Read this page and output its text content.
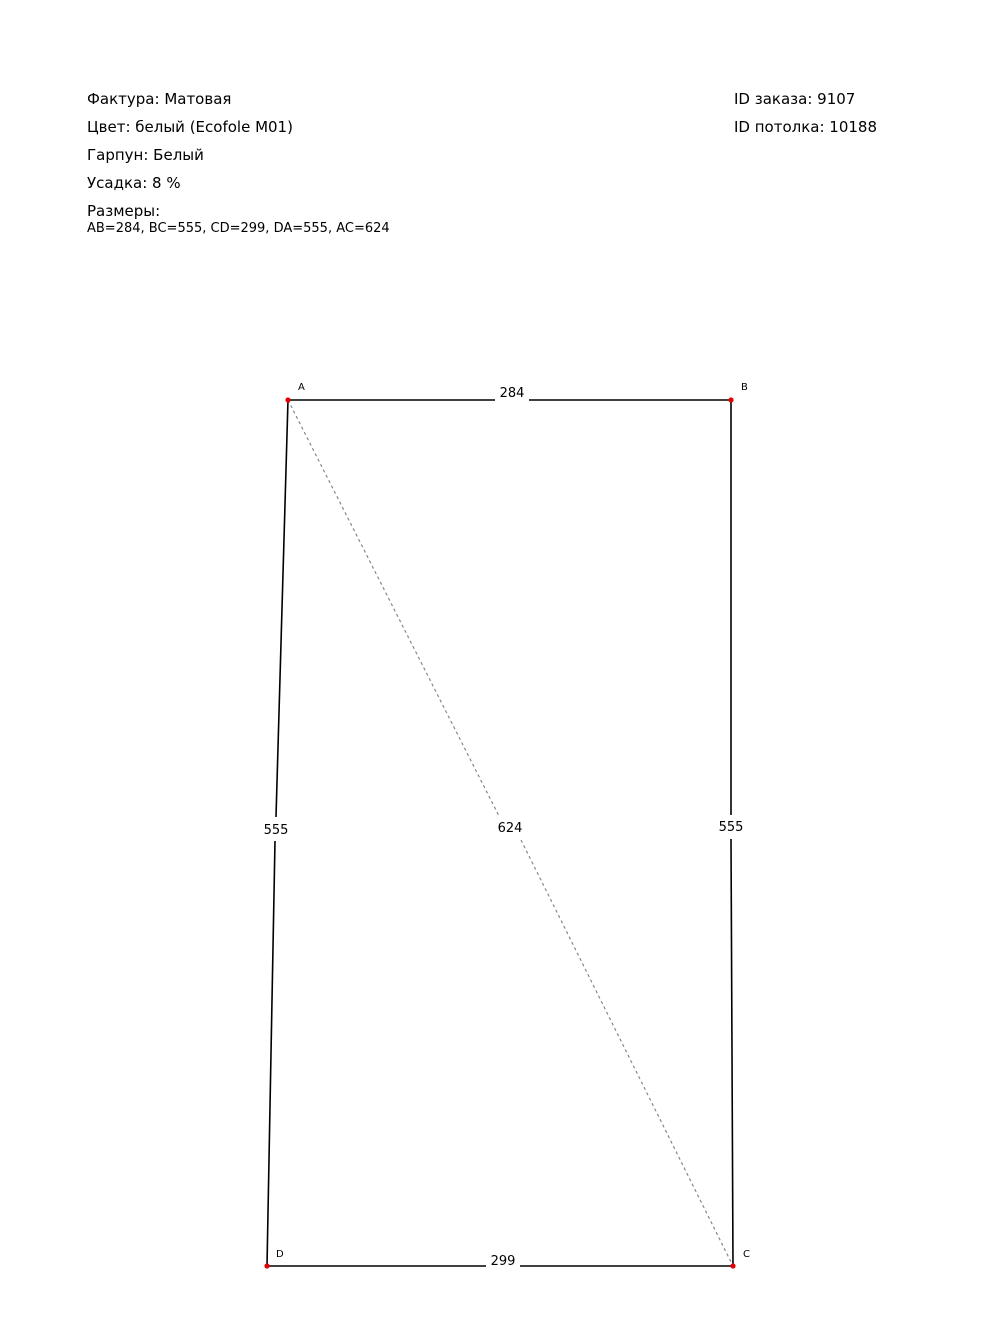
Фактура: Матовая
Цвет: белый (Ecofole M01)
Гарпун: Белый
Усадка: 8 %
Размеры:
AB=284, BC=555, CD=299, DA=555, AC=624
ID заказа: 9107
ID потолка: 10188
284
555
299
555	624
A	B
C
D
